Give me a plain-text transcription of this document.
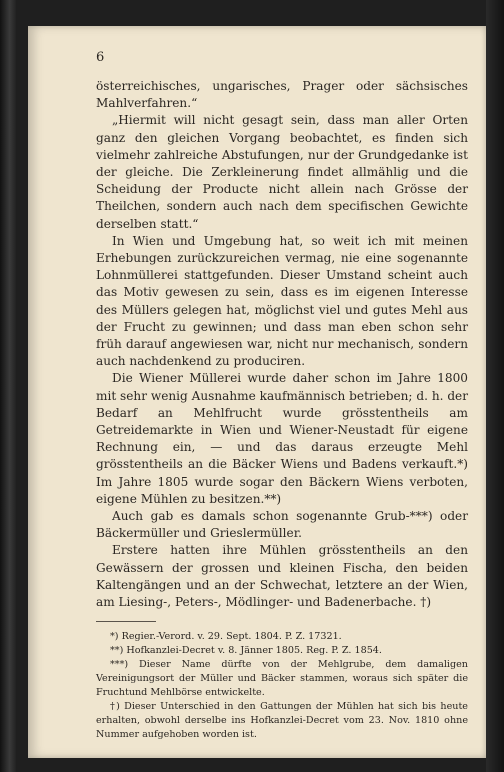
6

österreichisches, ungarisches, Prager oder sächsisches Mahlverfahren.“

„Hiermit will nicht gesagt sein, dass man aller Orten ganz den gleichen Vorgang beobachtet, es finden sich vielmehr zahlreiche Abstufungen, nur der Grundgedanke ist der gleiche. Die Zerkleinerung findet allmählig und die Scheidung der Producte nicht allein nach Grösse der Theilchen, sondern auch nach dem specifischen Gewichte derselben statt.“

In Wien und Umgebung hat, so weit ich mit meinen Erhebungen zurückzureichen vermag, nie eine sogenannte Lohnmüllerei stattgefunden. Dieser Umstand scheint auch das Motiv gewesen zu sein, dass es im eigenen Interesse des Müllers gelegen hat, möglichst viel und gutes Mehl aus der Frucht zu gewinnen; und dass man eben schon sehr früh darauf angewiesen war, nicht nur mechanisch, sondern auch nachdenkend zu produciren.

Die Wiener Müllerei wurde daher schon im Jahre 1800 mit sehr wenig Ausnahme kaufmännisch betrieben; d. h. der Bedarf an Mehlfrucht wurde grösstentheils am Getreidemarkte in Wien und Wiener-Neustadt für eigene Rechnung ein, — und das daraus erzeugte Mehl grösstentheils an die Bäcker Wiens und Badens verkauft.*) Im Jahre 1805 wurde sogar den Bäckern Wiens verboten, eigene Mühlen zu besitzen.**)

Auch gab es damals schon sogenannte Grub-***) oder Bäckermüller und Grieslermüller.

Erstere hatten ihre Mühlen grösstentheils an den Gewässern der grossen und kleinen Fischa, den beiden Kaltengängen und an der Schwechat, letztere an der Wien, am Liesing-, Peters-, Mödlinger- und Badenerbache. †)

*) Regier.-Verord. v. 29. Sept. 1804. P. Z. 17321.

**) Hofkanzlei-Decret v. 8. Jänner 1805. Reg. P. Z. 1854.

***) Dieser Name dürfte von der Mehlgrube, dem damaligen Vereinigungsort der Müller und Bäcker stammen, woraus sich später die Fruchtund Mehlbörse entwickelte.

†) Dieser Unterschied in den Gattungen der Mühlen hat sich bis heute erhalten, obwohl derselbe ins Hofkanzlei-Decret vom 23. Nov. 1810 ohne Nummer aufgehoben worden ist.
